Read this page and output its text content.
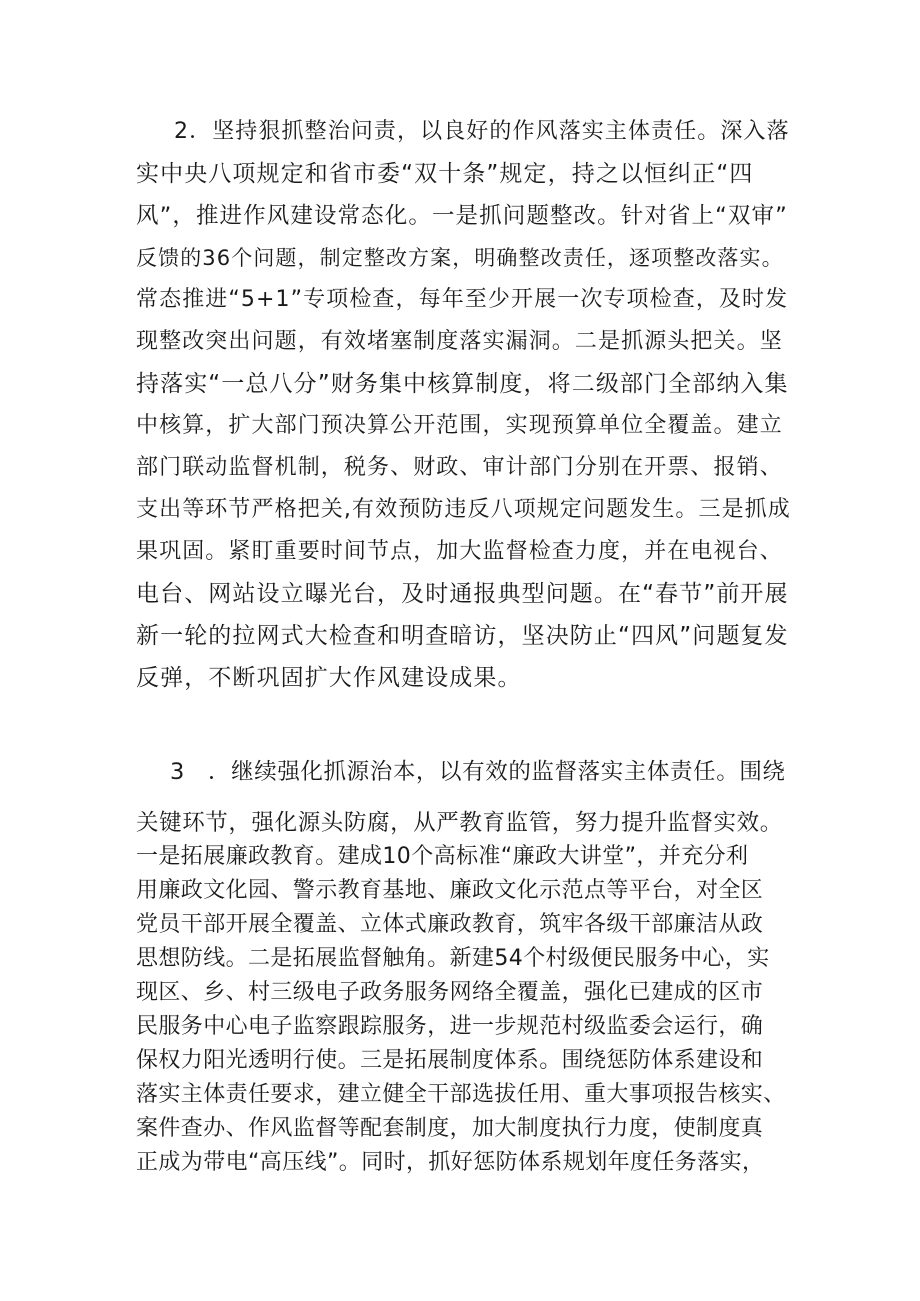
2．坚持狠抓整治问责，以良好的作风落实主体责任。深入落
实中央八项规定和省市委“双十条”规定，持之以恒纠正“四
风”，推进作风建设常态化。一是抓问题整改。针对省上“双审”
反馈的36个问题，制定整改方案，明确整改责任，逐项整改落实。
常态推进“5+1”专项检查，每年至少开展一次专项检查，及时发
现整改突出问题，有效堵塞制度落实漏洞。二是抓源头把关。坚
持落实“一总八分”财务集中核算制度，将二级部门全部纳入集
中核算，扩大部门预决算公开范围，实现预算单位全覆盖。建立
部门联动监督机制，税务、财政、审计部门分别在开票、报销、
支出等环节严格把关,有效预防违反八项规定问题发生。三是抓成
果巩固。紧盯重要时间节点，加大监督检查力度，并在电视台、
电台、网站设立曝光台，及时通报典型问题。在“春节”前开展
新一轮的拉网式大检查和明查暗访，坚决防止“四风”问题复发
反弹，不断巩固扩大作风建设成果。
3　．继续强化抓源治本，以有效的监督落实主体责任。围绕
关键环节，强化源头防腐，从严教育监管，努力提升监督实效。
一是拓展廉政教育。建成10个高标准“廉政大讲堂”，并充分利
用廉政文化园、警示教育基地、廉政文化示范点等平台，对全区
党员干部开展全覆盖、立体式廉政教育，筑牢各级干部廉洁从政
思想防线。二是拓展监督触角。新建54个村级便民服务中心，实
现区、乡、村三级电子政务服务网络全覆盖，强化已建成的区市
民服务中心电子监察跟踪服务，进一步规范村级监委会运行，确
保权力阳光透明行使。三是拓展制度体系。围绕惩防体系建设和
落实主体责任要求，建立健全干部选拔任用、重大事项报告核实、
案件查办、作风监督等配套制度，加大制度执行力度，使制度真
正成为带电“高压线”。同时，抓好惩防体系规划年度任务落实，
